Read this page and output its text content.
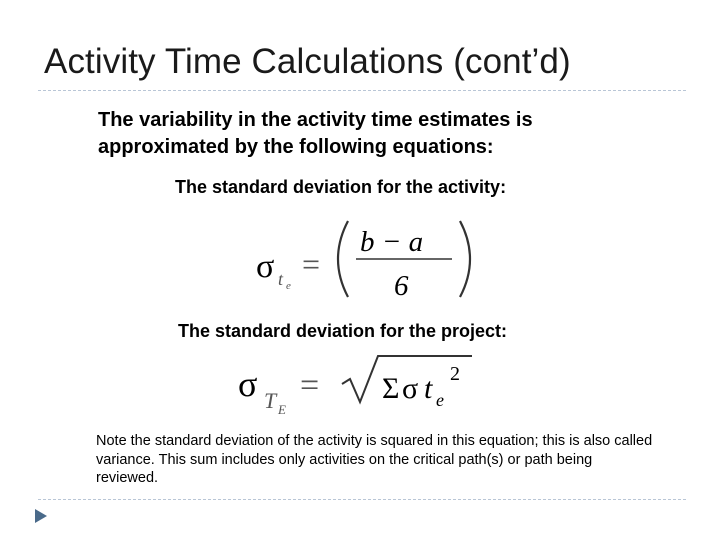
Activity Time Calculations (cont’d)
The variability in the activity time estimates is approximated by the following equations:
The standard deviation for the activity:
σ t e
=
b − a
6
The standard deviation for the project:
σ T E
= Σ σ t e
2
Note the standard deviation of the activity is squared in this equation; this is also called variance. This sum includes only activities on the critical path(s) or path being reviewed.
